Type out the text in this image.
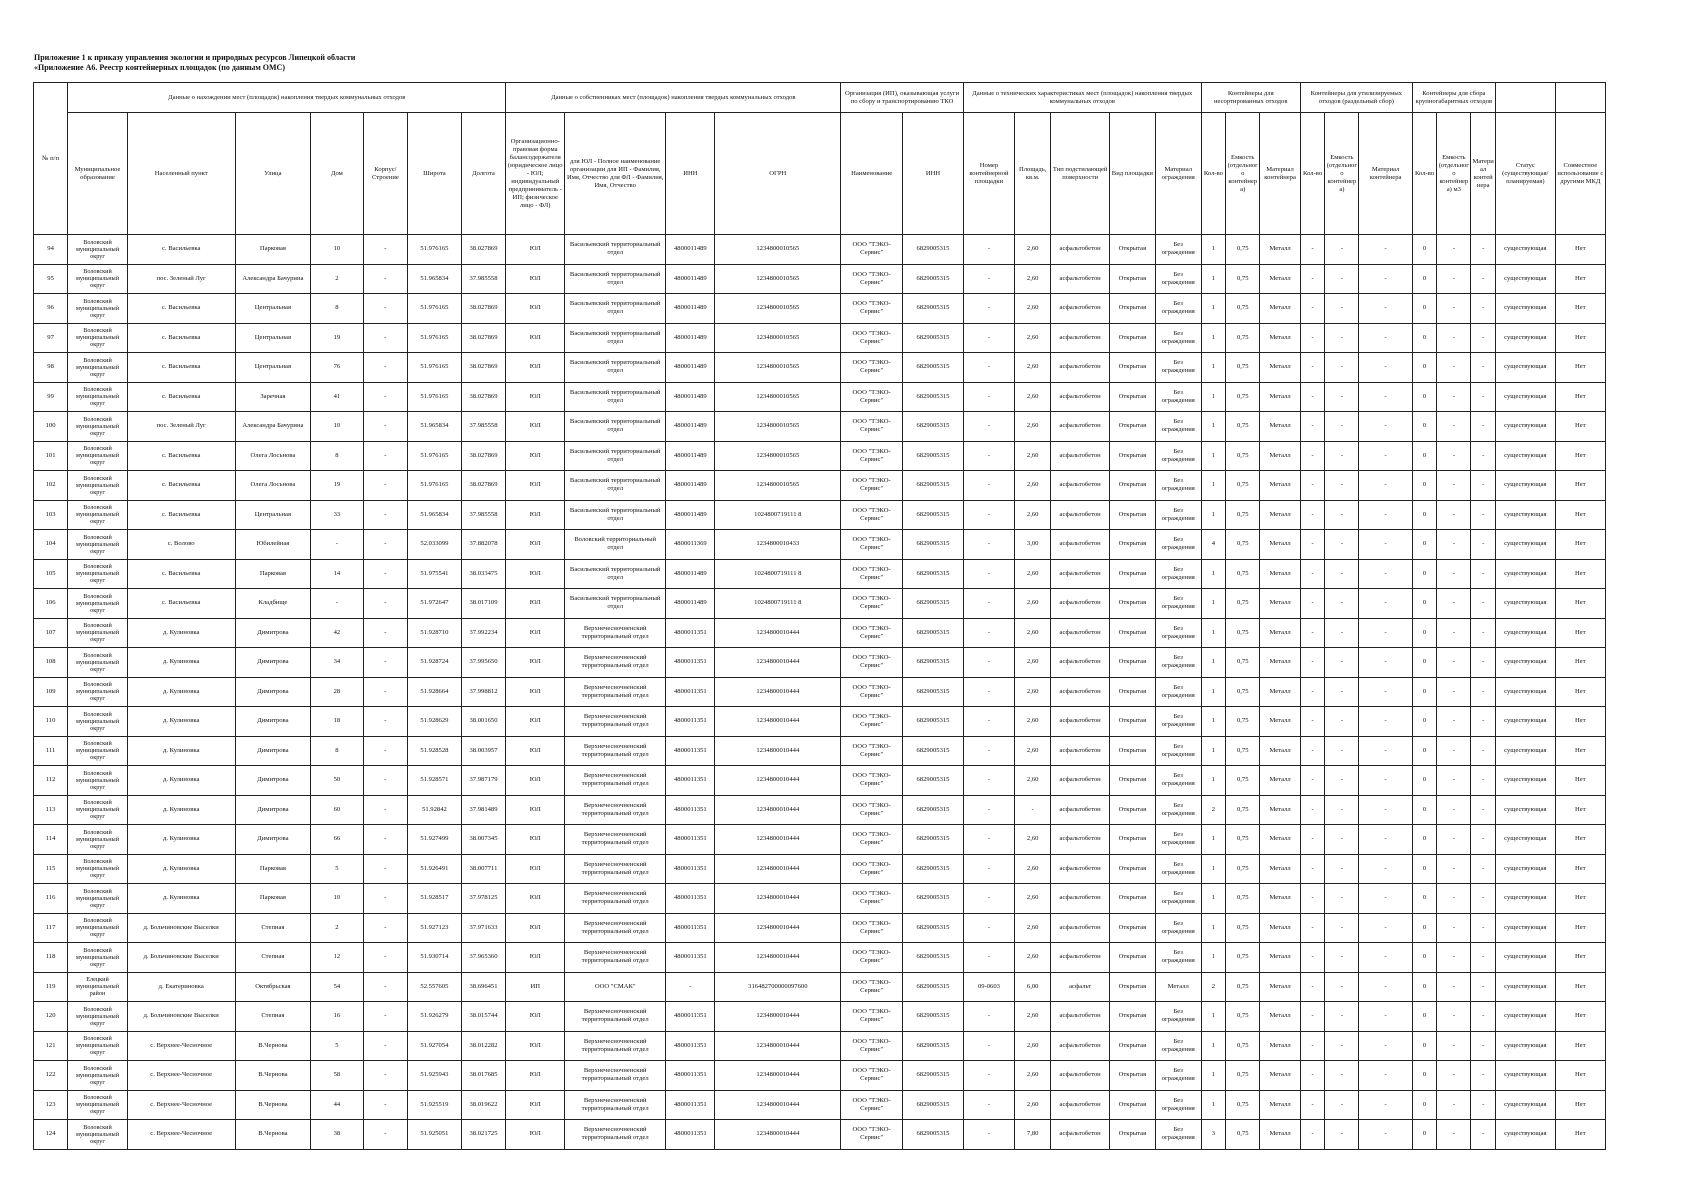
Приложение 1 к приказу управления экологии и природных ресурсов Липецкой области
«Приложение А6. Реестр контейнерных площадок (по данным ОМС)
№ п/п	Данные о нахождении мест (площадок) накопления твердых коммунальных отходов							Данные о собственниках мест (площадок) накопления твердых коммунальных отходов				Организация (ИП), оказывающая услуги по сбору и транспортированию ТКО		Данные о технических характеристиках мест (площадок) накопления твердых коммунальных отходов					Контейнеры для несортированных отходов			Контейнеры для утилизируемых отходов (раздельный сбор)			Контейнеры для сбора крупногабаритных отходов				
	Муниципальное образование	Населенный пункт	Улица	Дом	Корпус/Строение	Широта	Долгота	Организационно-правовая форма балансодержателя (юридическое лицо - ЮЛ; индивидуальный предприниматель - ИП; физическое лицо - ФЛ)	для ЮЛ - Полное наименование организации для ИП - Фамилия, Имя, Отчество для ФЛ - Фамилия, Имя, Отчество	ИНН	ОГРН	Наименование	ИНН	Номер контейнерной площадки	Площадь, кв.м.	Тип подстилающей поверхности	Вид площадки	Материал ограждения	Кол-во	Емкость (отдельного контейнера)	Материал контейнера	Кол-во	Емкость (отдельного контейнера)	Материал контейнера	Кол-во	Емкость (отдельного контейнера) м3	Материал контейнера	Статус (существующая/ планируемая)	Совместное использование с другими МКД
94	Воловский муниципальный округ	с. Васильевка	Парковая	10	-	51.976165	38.027869	ЮЛ	Васильевский территориальный отдел	4800011489	1234800010565	ООО "ТЭКО-Сервис"	6829005315	-	2,60	асфальтобетон	Открытая	Без ограждения	1	0,75	Металл	-	-	-	0	-	-	существующая	Нет
95	Воловский муниципальный округ	пос. Зеленый Луг	Александра Бачурина	2	-	51.965834	37.985558	ЮЛ	Васильевский территориальный отдел	4800011489	1234800010565	ООО "ТЭКО-Сервис"	6829005315	-	2,60	асфальтобетон	Открытая	Без ограждения	1	0,75	Металл	-	-	-	0	-	-	существующая	Нет
96	Воловский муниципальный округ	с. Васильевка	Центральная	8	-	51.976165	38.027869	ЮЛ	Васильевский территориальный отдел	4800011489	1234800010565	ООО "ТЭКО-Сервис"	6829005315	-	2,60	асфальтобетон	Открытая	Без ограждения	1	0,75	Металл	-	-	-	0	-	-	существующая	Нет
97	Воловский муниципальный округ	с. Васильевка	Центральная	19	-	51.976165	38.027869	ЮЛ	Васильевский территориальный отдел	4800011489	1234800010565	ООО "ТЭКО-Сервис"	6829005315	-	2,60	асфальтобетон	Открытая	Без ограждения	1	0,75	Металл	-	-	-	0	-	-	существующая	Нет
98	Воловский муниципальный округ	с. Васильевка	Центральная	76	-	51.976165	38.027869	ЮЛ	Васильевский территориальный отдел	4800011489	1234800010565	ООО "ТЭКО-Сервис"	6829005315	-	2,60	асфальтобетон	Открытая	Без ограждения	1	0,75	Металл	-	-	-	0	-	-	существующая	Нет
99	Воловский муниципальный округ	с. Васильевка	Заречная	41	-	51.976165	38.027869	ЮЛ	Васильевский территориальный отдел	4800011489	1234800010565	ООО "ТЭКО-Сервис"	6829005315	-	2,60	асфальтобетон	Открытая	Без ограждения	1	0,75	Металл	-	-	-	0	-	-	существующая	Нет
100	Воловский муниципальный округ	пос. Зеленый Луг	Александра Бачурина	10	-	51.965834	37.985558	ЮЛ	Васильевский территориальный отдел	4800011489	1234800010565	ООО "ТЭКО-Сервис"	6829005315	-	2,60	асфальтобетон	Открытая	Без ограждения	1	0,75	Металл	-	-	-	0	-	-	существующая	Нет
101	Воловский муниципальный округ	с. Васильевка	Олега Лосьнова	8	-	51.976165	38.027869	ЮЛ	Васильевский территориальный отдел	4800011489	1234800010565	ООО "ТЭКО-Сервис"	6829005315	-	2,60	асфальтобетон	Открытая	Без ограждения	1	0,75	Металл	-	-	-	0	-	-	существующая	Нет
102	Воловский муниципальный округ	с. Васильевка	Олега Лосьнова	19	-	51.976165	38.027869	ЮЛ	Васильевский территориальный отдел	4800011489	1234800010565	ООО "ТЭКО-Сервис"	6829005315	-	2,60	асфальтобетон	Открытая	Без ограждения	1	0,75	Металл	-	-	-	0	-	-	существующая	Нет
103	Воловский муниципальный округ	с. Васильевка	Центральная	33	-	51.965834	37.985558	ЮЛ	Васильевский территориальный отдел	4800011489	1024800719111 8	ООО "ТЭКО-Сервис"	6829005315	-	2,60	асфальтобетон	Открытая	Без ограждения	1	0,75	Металл	-	-	-	0	-	-	существующая	Нет
104	Воловский муниципальный округ	с. Волово	Юбилейная	-	-	52.033099	37.882078	ЮЛ	Воловский территориальный отдел	4800011369	1234800010433	ООО "ТЭКО-Сервис"	6829005315	-	3,00	асфальтобетон	Открытая	Без ограждения	4	0,75	Металл	-	-	-	0	-	-	существующая	Нет
105	Воловский муниципальный округ	с. Васильевка	Парковая	14	-	51.975541	38.033475	ЮЛ	Васильевский территориальный отдел	4800011489	1024800719111 8	ООО "ТЭКО-Сервис"	6829005315	-	2,60	асфальтобетон	Открытая	Без ограждения	1	0,75	Металл	-	-	-	0	-	-	существующая	Нет
106	Воловский муниципальный округ	с. Васильевка	Кладбище	-	-	51.972647	38.017109	ЮЛ	Васильевский территориальный отдел	4800011489	1024800719111 8	ООО "ТЭКО-Сервис"	6829005315	-	2,60	асфальтобетон	Открытая	Без ограждения	1	0,75	Металл	-	-	-	0	-	-	существующая	Нет
107	Воловский муниципальный округ	д. Кулиновка	Димитрова	42	-	51.928710	37.992234	ЮЛ	Верхнечесночненский территориальный отдел	4800011351	1234800010444	ООО "ТЭКО-Сервис"	6829005315	-	2,60	асфальтобетон	Открытая	Без ограждения	1	0,75	Металл	-	-	-	0	-	-	существующая	Нет
108	Воловский муниципальный округ	д. Кулиновка	Димитрова	34	-	51.928724	37.995650	ЮЛ	Верхнечесночненский территориальный отдел	4800011351	1234800010444	ООО "ТЭКО-Сервис"	6829005315	-	2,60	асфальтобетон	Открытая	Без ограждения	1	0,75	Металл	-	-	-	0	-	-	существующая	Нет
109	Воловский муниципальный округ	д. Кулиновка	Димитрова	28	-	51.928664	37.998812	ЮЛ	Верхнечесночненский территориальный отдел	4800011351	1234800010444	ООО "ТЭКО-Сервис"	6829005315	-	2,60	асфальтобетон	Открытая	Без ограждения	1	0,75	Металл	-	-	-	0	-	-	существующая	Нет
110	Воловский муниципальный округ	д. Кулиновка	Димитрова	18	-	51.928629	38.001650	ЮЛ	Верхнечесночненский территориальный отдел	4800011351	1234800010444	ООО "ТЭКО-Сервис"	6829005315	-	2,60	асфальтобетон	Открытая	Без ограждения	1	0,75	Металл	-	-	-	0	-	-	существующая	Нет
111	Воловский муниципальный округ	д. Кулиновка	Димитрова	8	-	51.928528	38.003957	ЮЛ	Верхнечесночненский территориальный отдел	4800011351	1234800010444	ООО "ТЭКО-Сервис"	6829005315	-	2,60	асфальтобетон	Открытая	Без ограждения	1	0,75	Металл	-	-	-	0	-	-	существующая	Нет
112	Воловский муниципальный округ	д. Кулиновка	Димитрова	50	-	51.928571	37.987179	ЮЛ	Верхнечесночненский территориальный отдел	4800011351	1234800010444	ООО "ТЭКО-Сервис"	6829005315	-	2,60	асфальтобетон	Открытая	Без ограждения	1	0,75	Металл	-	-	-	0	-	-	существующая	Нет
113	Воловский муниципальный округ	д. Кулиновка	Димитрова	60	-	51.92842	37.981489	ЮЛ	Верхнечесночненский территориальный отдел	4800011351	1234800010444	ООО "ТЭКО-Сервис"	6829005315	-	-	асфальтобетон	Открытая	Без ограждения	2	0,75	Металл	-	-	-	0	-	-	существующая	Нет
114	Воловский муниципальный округ	д. Кулиновка	Димитрова	66	-	51.927499	38.007345	ЮЛ	Верхнечесночненский территориальный отдел	4800011351	1234800010444	ООО "ТЭКО-Сервис"	6829005315	-	2,60	асфальтобетон	Открытая	Без ограждения	1	0,75	Металл	-	-	-	0	-	-	существующая	Нет
115	Воловский муниципальный округ	д. Кулиновка	Парковая	5	-	51.926491	38.007711	ЮЛ	Верхнечесночненский территориальный отдел	4800011351	1234800010444	ООО "ТЭКО-Сервис"	6829005315	-	2,60	асфальтобетон	Открытая	Без ограждения	1	0,75	Металл	-	-	-	0	-	-	существующая	Нет
116	Воловский муниципальный округ	д. Кулиновка	Парковая	10	-	51.928517	37.978125	ЮЛ	Верхнечесночненский территориальный отдел	4800011351	1234800010444	ООО "ТЭКО-Сервис"	6829005315	-	2,60	асфальтобетон	Открытая	Без ограждения	1	0,75	Металл	-	-	-	0	-	-	существующая	Нет
117	Воловский муниципальный округ	д. Больчиновские Выселки	Степная	2	-	51.927123	37.971633	ЮЛ	Верхнечесночненский территориальный отдел	4800011351	1234800010444	ООО "ТЭКО-Сервис"	6829005315	-	2,60	асфальтобетон	Открытая	Без ограждения	1	0,75	Металл	-	-	-	0	-	-	существующая	Нет
118	Воловский муниципальный округ	д. Больчиновские Выселки	Степная	12	-	51.930714	37.965360	ЮЛ	Верхнечесночненский территориальный отдел	4800011351	1234800010444	ООО "ТЭКО-Сервис"	6829005315	-	2,60	асфальтобетон	Открытая	Без ограждения	1	0,75	Металл	-	-	-	0	-	-	существующая	Нет
119	Елецкий муниципальный район	д. Екатериновка	Октябрьская	54	-	52.557605	38.696451	ИП	ООО "СМАК"	-	316482700000097600	ООО "ТЭКО-Сервис"	6829005315	09-0603	6,00	асфальт	Открытая	Металл	2	0,75	Металл	-	-	-	0	-	-	существующая	Нет
120	Воловский муниципальный округ	д. Больчиновские Выселки	Степная	16	-	51.926279	38.015744	ЮЛ	Верхнечесночненский территориальный отдел	4800011351	1234800010444	ООО "ТЭКО-Сервис"	6829005315	-	2,60	асфальтобетон	Открытая	Без ограждения	1	0,75	Металл	-	-	-	0	-	-	существующая	Нет
121	Воловский муниципальный округ	с. Верхнее-Чесночное	В.Чернова	5	-	51.927054	38.012282	ЮЛ	Верхнечесночненский территориальный отдел	4800011351	1234800010444	ООО "ТЭКО-Сервис"	6829005315	-	2,60	асфальтобетон	Открытая	Без ограждения	1	0,75	Металл	-	-	-	0	-	-	существующая	Нет
122	Воловский муниципальный округ	с. Верхнее-Чесночное	В.Чернова	58	-	51.925943	38.017685	ЮЛ	Верхнечесночненский территориальный отдел	4800011351	1234800010444	ООО "ТЭКО-Сервис"	6829005315	-	2,60	асфальтобетон	Открытая	Без ограждения	1	0,75	Металл	-	-	-	0	-	-	существующая	Нет
123	Воловский муниципальный округ	с. Верхнее-Чесночное	В.Чернова	44	-	51.925519	38.019622	ЮЛ	Верхнечесночненский территориальный отдел	4800011351	1234800010444	ООО "ТЭКО-Сервис"	6829005315	-	2,60	асфальтобетон	Открытая	Без ограждения	1	0,75	Металл	-	-	-	0	-	-	существующая	Нет
124	Воловский муниципальный округ	с. Верхнее-Чесночное	В.Чернова	38	-	51.925051	38.021725	ЮЛ	Верхнечесночненский территориальный отдел	4800011351	1234800010444	ООО "ТЭКО-Сервис"	6829005315	-	7,80	асфальтобетон	Открытая	Без ограждения	3	0,75	Металл	-	-	-	0	-	-	существующая	Нет
